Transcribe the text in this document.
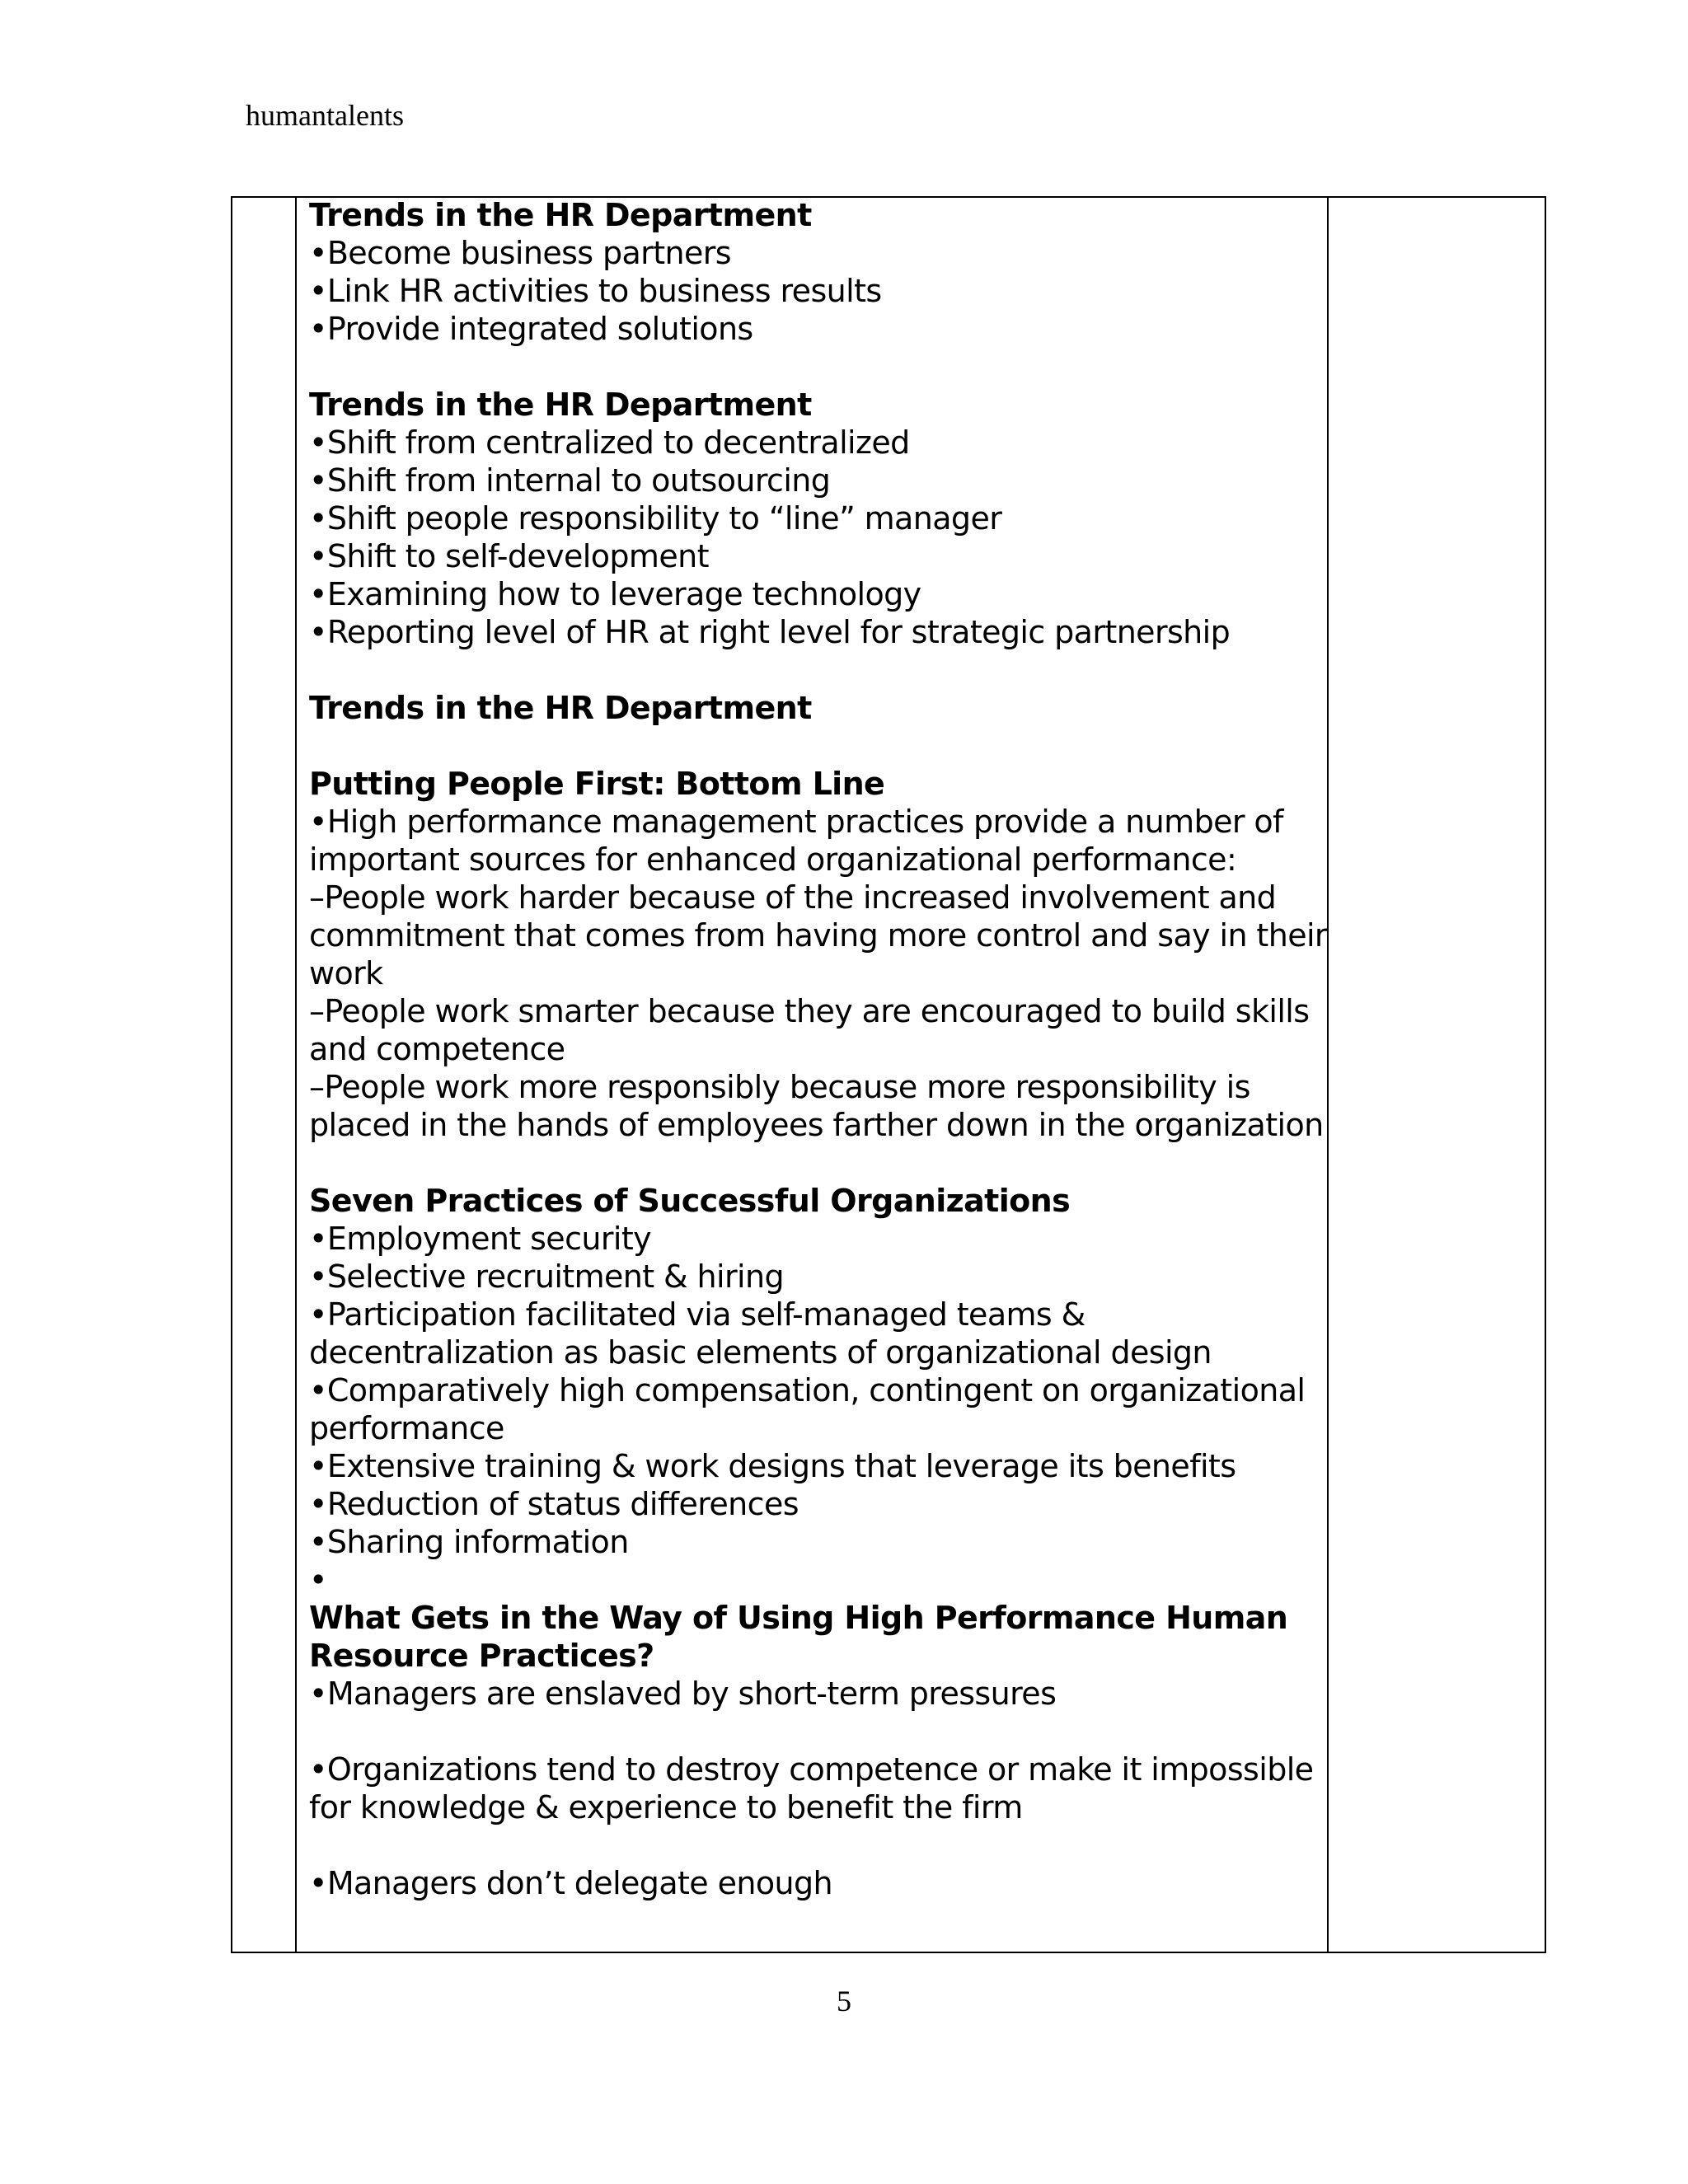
humantalents
Trends in the HR Department
•Become business partners
•Link HR activities to business results
•Provide integrated solutions
Trends in the HR Department
•Shift from centralized to decentralized
•Shift from internal to outsourcing
•Shift people responsibility to “line” manager
•Shift to self-development
•Examining how to leverage technology
•Reporting level of HR at right level for strategic partnership
Trends in the HR Department
Putting People First: Bottom Line
•High performance management practices provide a number of
important sources for enhanced organizational performance:
–People work harder because of the increased involvement and
commitment that comes from having more control and say in their
work
–People work smarter because they are encouraged to build skills
and competence
–People work more responsibly because more responsibility is
placed in the hands of employees farther down in the organization
Seven Practices of Successful Organizations
•Employment security
•Selective recruitment & hiring
•Participation facilitated via self-managed teams &
decentralization as basic elements of organizational design
•Comparatively high compensation, contingent on organizational
performance
•Extensive training & work designs that leverage its benefits
•Reduction of status differences
•Sharing information
•
What Gets in the Way of Using High Performance Human
Resource Practices?
•Managers are enslaved by short-term pressures
•Organizations tend to destroy competence or make it impossible
for knowledge & experience to benefit the firm
•Managers don’t delegate enough
5
